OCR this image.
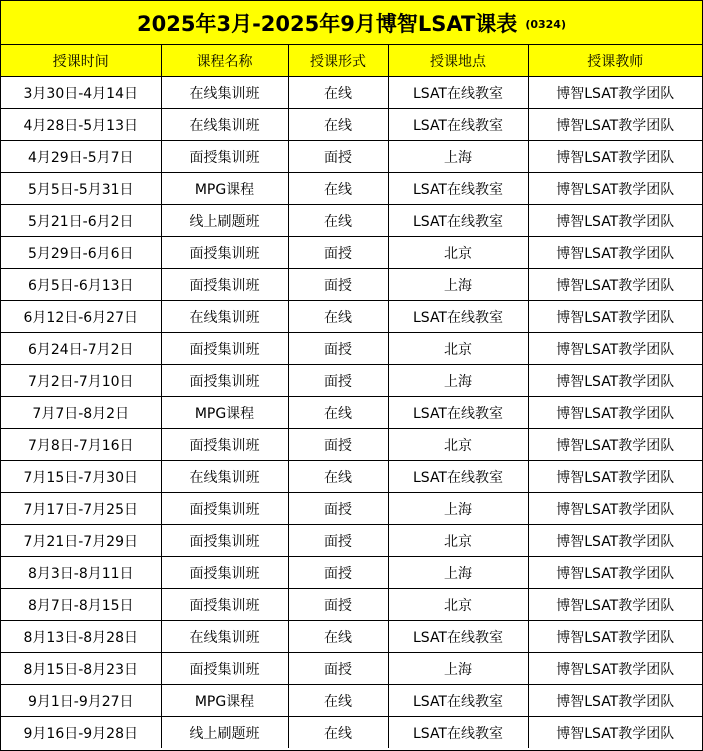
2025年3月-2025年9月博智LSAT课表 (0324)
授课时间	课程名称	授课形式	授课地点	授课教师
3月30日-4月14日	在线集训班	在线	LSAT在线教室	博智LSAT教学团队
4月28日-5月13日	在线集训班	在线	LSAT在线教室	博智LSAT教学团队
4月29日-5月7日	面授集训班	面授	上海	博智LSAT教学团队
5月5日-5月31日	MPG课程	在线	LSAT在线教室	博智LSAT教学团队
5月21日-6月2日	线上刷题班	在线	LSAT在线教室	博智LSAT教学团队
5月29日-6月6日	面授集训班	面授	北京	博智LSAT教学团队
6月5日-6月13日	面授集训班	面授	上海	博智LSAT教学团队
6月12日-6月27日	在线集训班	在线	LSAT在线教室	博智LSAT教学团队
6月24日-7月2日	面授集训班	面授	北京	博智LSAT教学团队
7月2日-7月10日	面授集训班	面授	上海	博智LSAT教学团队
7月7日-8月2日	MPG课程	在线	LSAT在线教室	博智LSAT教学团队
7月8日-7月16日	面授集训班	面授	北京	博智LSAT教学团队
7月15日-7月30日	在线集训班	在线	LSAT在线教室	博智LSAT教学团队
7月17日-7月25日	面授集训班	面授	上海	博智LSAT教学团队
7月21日-7月29日	面授集训班	面授	北京	博智LSAT教学团队
8月3日-8月11日	面授集训班	面授	上海	博智LSAT教学团队
8月7日-8月15日	面授集训班	面授	北京	博智LSAT教学团队
8月13日-8月28日	在线集训班	在线	LSAT在线教室	博智LSAT教学团队
8月15日-8月23日	面授集训班	面授	上海	博智LSAT教学团队
9月1日-9月27日	MPG课程	在线	LSAT在线教室	博智LSAT教学团队
9月16日-9月28日	线上刷题班	在线	LSAT在线教室	博智LSAT教学团队
